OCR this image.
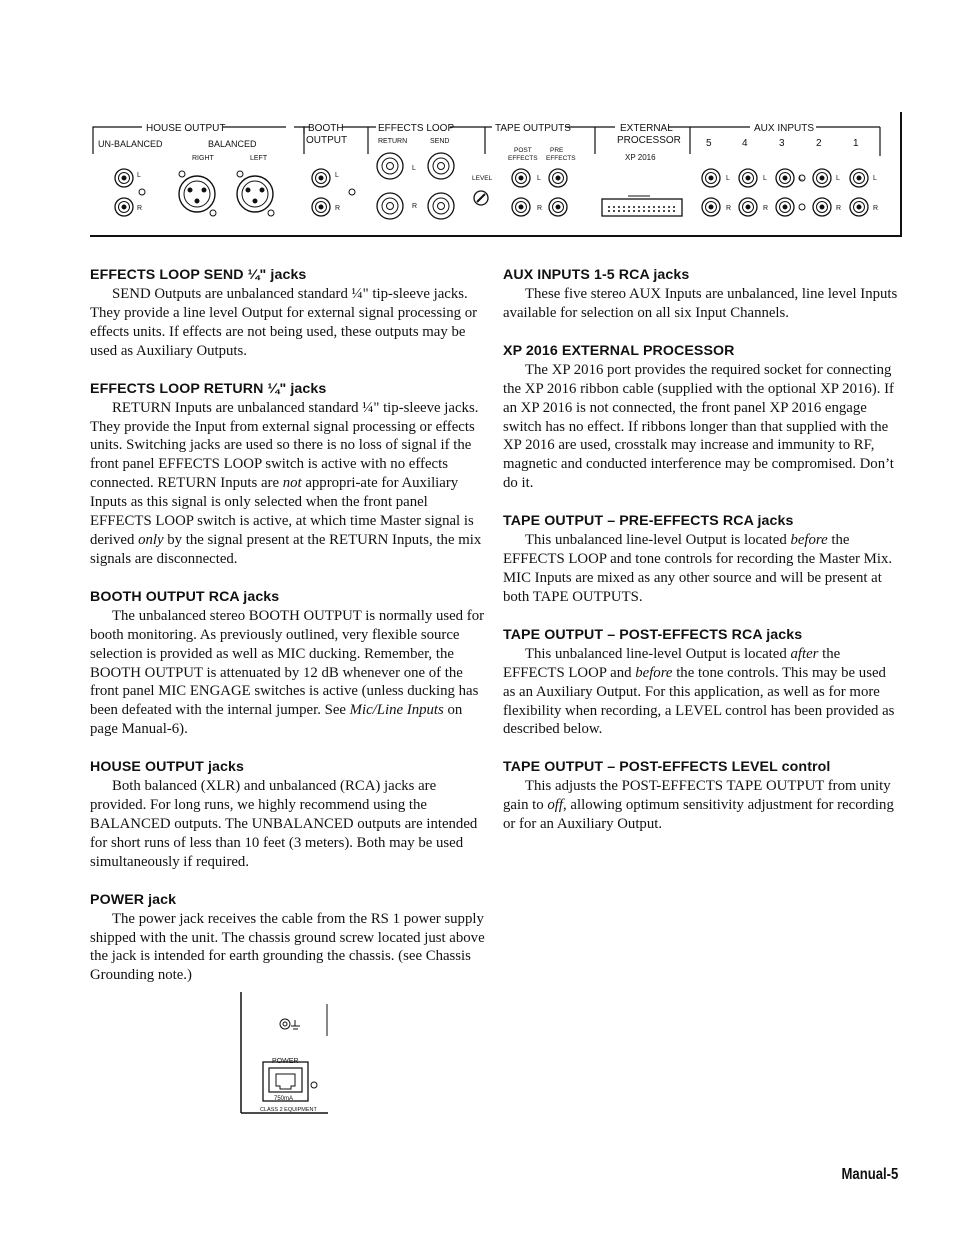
HOUSE OUTPUT
UN-BALANCED	BALANCED
RIGHT	LEFT
BOOTH
OUTPUT
EFFECTS LOOP
RETURN	SEND
TAPE OUTPUTS
POST
EFFECTS
PRE
EFFECTS
LEVEL
EXTERNAL
PROCESSOR
XP 2016
AUX INPUTS
5	4	3	2	1
L
R
L
R
L
R
L
R
L
R
L
R
L	L
R
L
R
EFFECTS LOOP SEND ¼" jacks

SEND Outputs are unbalanced standard ¼" tip-sleeve jacks. They provide a line level Output for external signal processing or effects units. If effects are not being used, these outputs may be used as Auxiliary Outputs.

EFFECTS LOOP RETURN ¼" jacks

RETURN Inputs are unbalanced standard ¼" tip-sleeve jacks. They provide the Input from external signal processing or effects units. Switching jacks are used so there is no loss of signal if the front panel EFFECTS LOOP switch is active with no effects connected. RETURN Inputs are not appropri-ate for Auxiliary Inputs as this signal is only selected when the front panel EFFECTS LOOP switch is active, at which time Master signal is derived only by the signal present at the RETURN Inputs, the mix signals are disconnected.

BOOTH OUTPUT RCA jacks

The unbalanced stereo BOOTH OUTPUT is normally used for booth monitoring. As previously outlined, very flexible source selection is provided as well as MIC ducking. Remember, the BOOTH OUTPUT is attenuated by 12 dB whenever one of the front panel MIC ENGAGE switches is active (unless ducking has been defeated with the internal jumper. See Mic/Line Inputs on page Manual-6).

HOUSE OUTPUT jacks

Both balanced (XLR) and unbalanced (RCA) jacks are provided. For long runs, we highly recommend using the BALANCED outputs. The UNBALANCED outputs are intended for short runs of less than 10 feet (3 meters). Both may be used simultaneously if required.

POWER jack

The power jack receives the cable from the RS 1 power supply shipped with the unit. The chassis ground screw located just above the jack is intended for earth grounding the chassis. (see Chassis Grounding note.)

AUX INPUTS 1-5 RCA jacks

These five stereo AUX Inputs are unbalanced, line level Inputs available for selection on all six Input Channels.

XP 2016 EXTERNAL PROCESSOR

The XP 2016 port provides the required socket for connecting the XP 2016 ribbon cable (supplied with the optional XP 2016). If an XP 2016 is not connected, the front panel XP 2016 engage switch has no effect. If ribbons longer than that supplied with the XP 2016 are used, crosstalk may increase and immunity to RF, magnetic and conducted interference may be compromised. Don’t do it.

TAPE OUTPUT – PRE-EFFECTS RCA jacks

This unbalanced line-level Output is located before the EFFECTS LOOP and tone controls for recording the Master Mix. MIC Inputs are mixed as any other source and will be present at both TAPE OUTPUTS.

TAPE OUTPUT – POST-EFFECTS RCA jacks

This unbalanced line-level Output is located after the EFFECTS LOOP and before the tone controls. This may be used as an Auxiliary Output. For this application, as well as for more flexibility when recording, a LEVEL control has been provided as described below.

TAPE OUTPUT – POST-EFFECTS LEVEL control

This adjusts the POST-EFFECTS TAPE OUTPUT from unity gain to off, allowing optimum sensitivity adjustment for recording or for an Auxiliary Output.

POWER
750mA
CLASS 2 EQUIPMENT
Manual-5
